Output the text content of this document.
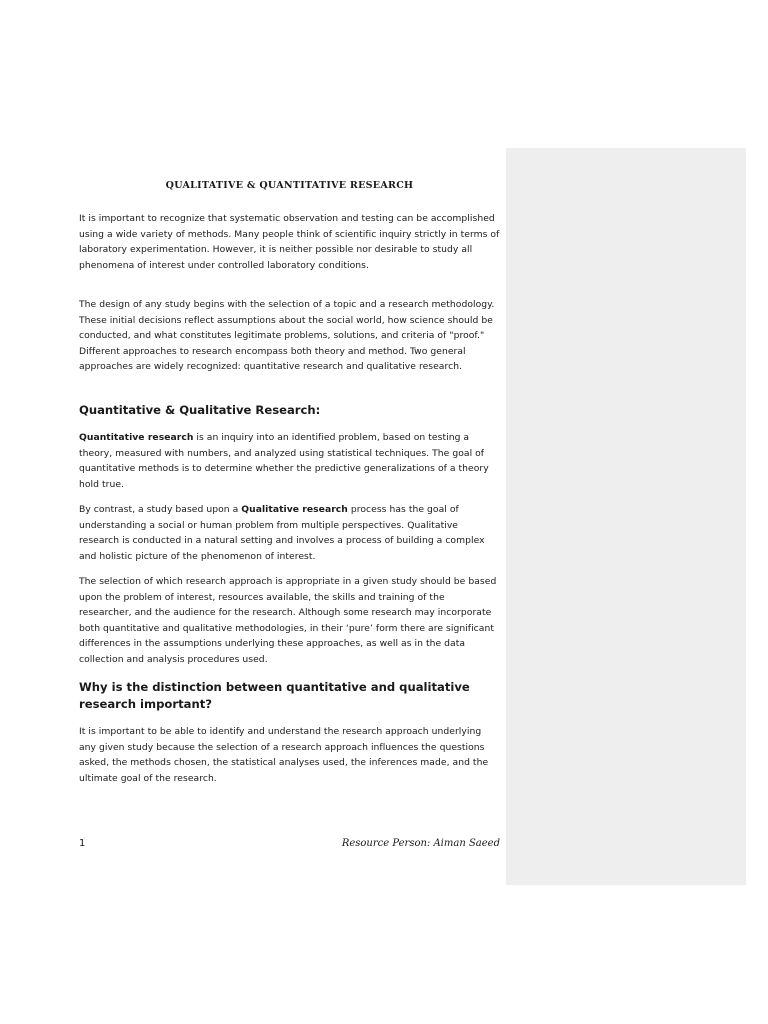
QUALITATIVE & QUANTITATIVE RESEARCH

It is important to recognize that systematic observation and testing can be accomplished using a wide variety of methods. Many people think of scientific inquiry strictly in terms of laboratory experimentation. However, it is neither possible nor desirable to study all phenomena of interest under controlled laboratory conditions.

The design of any study begins with the selection of a topic and a research methodology. These initial decisions reflect assumptions about the social world, how science should be conducted, and what constitutes legitimate problems, solutions, and criteria of "proof." Different approaches to research encompass both theory and method. Two general approaches are widely recognized: quantitative research and qualitative research.

Quantitative & Qualitative Research:

Quantitative research is an inquiry into an identified problem, based on testing a theory, measured with numbers, and analyzed using statistical techniques. The goal of quantitative methods is to determine whether the predictive generalizations of a theory hold true.

By contrast, a study based upon a Qualitative research process has the goal of understanding a social or human problem from multiple perspectives. Qualitative research is conducted in a natural setting and involves a process of building a complex and holistic picture of the phenomenon of interest.

The selection of which research approach is appropriate in a given study should be based upon the problem of interest, resources available, the skills and training of the researcher, and the audience for the research. Although some research may incorporate both quantitative and qualitative methodologies, in their ‘pure’ form there are significant differences in the assumptions underlying these approaches, as well as in the data collection and analysis procedures used.

Why is the distinction between quantitative and qualitative research important?

It is important to be able to identify and understand the research approach underlying any given study because the selection of a research approach influences the questions asked, the methods chosen, the statistical analyses used, the inferences made, and the ultimate goal of the research.

1	Resource Person: Aiman Saeed
